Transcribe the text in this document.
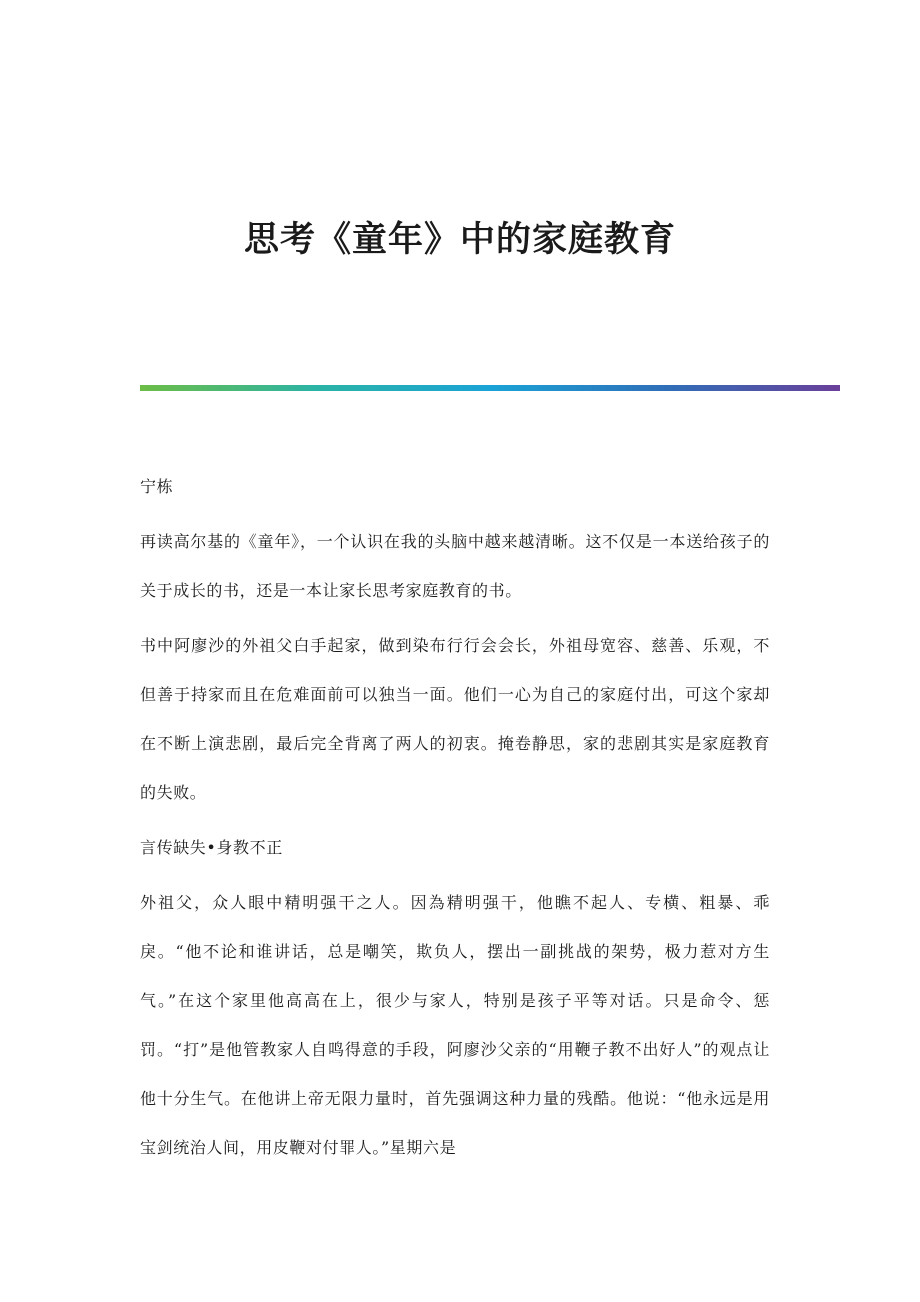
思考《童年》中的家庭教育

宁栋

再读高尔基的《童年》，一个认识在我的头脑中越来越清晰。这不仅是一本送给孩子的关于成长的书，还是一本让家长思考家庭教育的书。

书中阿廖沙的外祖父白手起家，做到染布行行会会长，外祖母宽容、慈善、乐观，不但善于持家而且在危难面前可以独当一面。他们一心为自己的家庭付出，可这个家却在不断上演悲剧，最后完全背离了两人的初衷。掩卷静思，家的悲剧其实是家庭教育的失败。

言传缺失•身教不正

外祖父，众人眼中精明强干之人。因為精明强干，他瞧不起人、专横、粗暴、乖戾。“他不论和谁讲话，总是嘲笑，欺负人，摆出一副挑战的架势，极力惹对方生气。”在这个家里他高高在上，很少与家人，特别是孩子平等对话。只是命令、惩罚。“打”是他管教家人自鸣得意的手段，阿廖沙父亲的“用鞭子教不出好人”的观点让他十分生气。在他讲上帝无限力量时，首先强调这种力量的残酷。他说：“他永远是用宝剑统治人间，用皮鞭对付罪人。”星期六是
